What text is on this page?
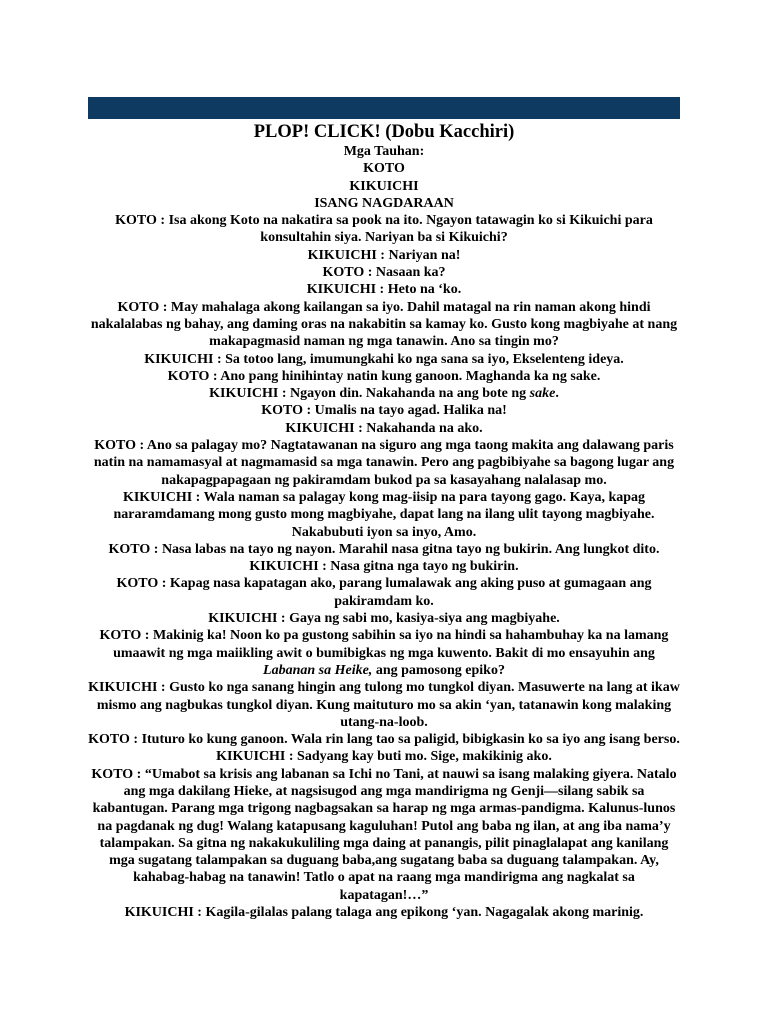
PLOP! CLICK! (Dobu Kacchiri)

Mga Tauhan:

KOTO

KIKUICHI

ISANG NAGDARAAN

KOTO : Isa akong Koto na nakatira sa pook na ito. Ngayon tatawagin ko si Kikuichi para konsultahin siya. Nariyan ba si Kikuichi?

KIKUICHI : Nariyan na!

KOTO : Nasaan ka?

KIKUICHI : Heto na ‘ko.

KOTO : May mahalaga akong kailangan sa iyo. Dahil matagal na rin naman akong hindi nakalalabas ng bahay, ang daming oras na nakabitin sa kamay ko. Gusto kong magbiyahe at nang makapagmasid naman ng mga tanawin. Ano sa tingin mo?

KIKUICHI : Sa totoo lang, imumungkahi ko nga sana sa iyo, Ekselenteng ideya.

KOTO : Ano pang hinihintay natin kung ganoon. Maghanda ka ng sake.

KIKUICHI : Ngayon din. Nakahanda na ang bote ng sake.

KOTO : Umalis na tayo agad. Halika na!

KIKUICHI : Nakahanda na ako.

KOTO : Ano sa palagay mo? Nagtatawanan na siguro ang mga taong makita ang dalawang paris natin na namamasyal at nagmamasid sa mga tanawin. Pero ang pagbibiyahe sa bagong lugar ang nakapagpapagaan ng pakiramdam bukod pa sa kasayahang nalalasap mo.

KIKUICHI : Wala naman sa palagay kong mag-iisip na para tayong gago. Kaya, kapag nararamdamang mong gusto mong magbiyahe, dapat lang na ilang ulit tayong magbiyahe. Nakabubuti iyon sa inyo, Amo.

KOTO : Nasa labas na tayo ng nayon. Marahil nasa gitna tayo ng bukirin. Ang lungkot dito.

KIKUICHI : Nasa gitna nga tayo ng bukirin.

KOTO : Kapag nasa kapatagan ako, parang lumalawak ang aking puso at gumagaan ang pakiramdam ko.

KIKUICHI : Gaya ng sabi mo, kasiya-siya ang magbiyahe.

KOTO : Makinig ka! Noon ko pa gustong sabihin sa iyo na hindi sa hahambuhay ka na lamang umaawit ng mga maiikling awit o bumibigkas ng mga kuwento. Bakit di mo ensayuhin ang Labanan sa Heike, ang pamosong epiko?

KIKUICHI : Gusto ko nga sanang hingin ang tulong mo tungkol diyan. Masuwerte na lang at ikaw mismo ang nagbukas tungkol diyan. Kung maituturo mo sa akin ‘yan, tatanawin kong malaking utang-na-loob.

KOTO : Ituturo ko kung ganoon. Wala rin lang tao sa paligid, bibigkasin ko sa iyo ang isang berso.

KIKUICHI : Sadyang kay buti mo. Sige, makikinig ako.

KOTO : “Umabot sa krisis ang labanan sa Ichi no Tani, at nauwi sa isang malaking giyera. Natalo ang mga dakilang Hieke, at nagsisugod ang mga mandirigma ng Genji—silang sabik sa kabantugan. Parang mga trigong nagbagsakan sa harap ng mga armas-pandigma. Kalunus-lunos na pagdanak ng dug! Walang katapusang kaguluhan! Putol ang baba ng ilan, at ang iba nama’y talampakan. Sa gitna ng nakakukuliling mga daing at panangis, pilit pinaglalapat ang kanilang mga sugatang talampakan sa duguang baba,ang sugatang baba sa duguang talampakan. Ay, kahabag-habag na tanawin! Tatlo o apat na raang mga mandirigma ang nagkalat sa kapatagan!…”

KIKUICHI : Kagila-gilalas palang talaga ang epikong ‘yan. Nagagalak akong marinig.
